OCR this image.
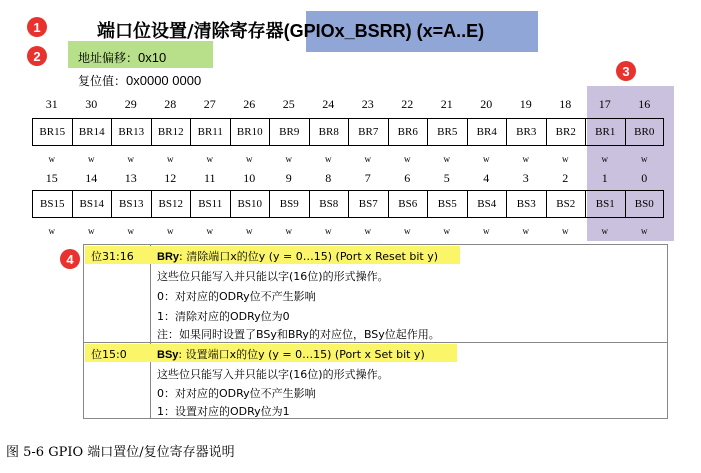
1
2
3
4
端口位设置/清除寄存器(GPIOx_BSRR) (x=A..E)
地址偏移：0x10
复位值：0x0000 0000
31	30	29	28	27	26	25	24	23	22	21	20	19	18	17	16
BR15	BR14	BR13	BR12	BR11	BR10	BR9	BR8	BR7	BR6	BR5	BR4	BR3	BR2	BR1	BR0
w	w	w	w	w	w	w	w	w	w	w	w	w	w	w	w
15	14	13	12	11	10	9	8	7	6	5	4	3	2	1	0
BS15	BS14	BS13	BS12	BS11	BS10	BS9	BS8	BS7	BS6	BS5	BS4	BS3	BS2	BS1	BS0
w	w	w	w	w	w	w	w	w	w	w	w	w	w	w	w
位31:16 BRy: 清除端口x的位y (y = 0…15) (Port x Reset bit y)
这些位只能写入并只能以字(16位)的形式操作。
0：对对应的ODRy位不产生影响
1：清除对应的ODRy位为0
注：如果同时设置了BSy和BRy的对应位，BSy位起作用。
位15:0	BSy: 设置端口x的位y (y = 0…15) (Port x Set bit y)
这些位只能写入并只能以字(16位)的形式操作。
0：对对应的ODRy位不产生影响
1：设置对应的ODRy位为1
图 5-6 GPIO 端口置位/复位寄存器说明
